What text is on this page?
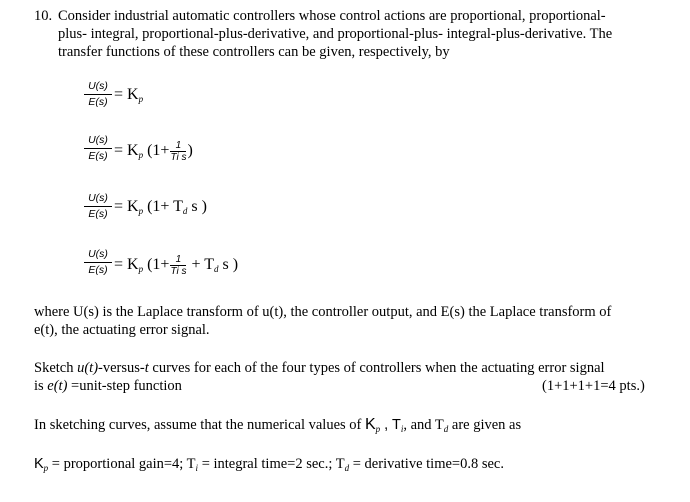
10. Consider industrial automatic controllers whose control actions are proportional, proportional-
plus- integral, proportional-plus-derivative, and proportional-plus- integral-plus-derivative. The
transfer functions of these controllers can be given, respectively, by
U(s)
$E(s) = K_p$
U(s)
$E(s) = K_p$ ($1+ \frac{1}{\text{Ti s}}$ )
U(s)
$E(s) = K_p$ ($1+ T_d$ s )
U(s)
$E(s) = K_p$ ($1+ \frac{1}{\text{Ti s}} + T_d$ s )
where U(s) is the Laplace transform of u(t), the controller output, and E(s) the Laplace transform of
e(t), the actuating error signal.
Sketch u(t)-versus-t curves for each of the four types of controllers when the actuating error signal
is e(t) =unit-step function	(1+1+1+1=4 pts.)
In sketching curves, assume that the numerical values of $K_p$ , $T_i$, and $T_d$ are given as
$K_p$ = proportional gain=4; $T_i$ = integral time=2 sec.; $T_d$ = derivative time=0.8 sec.
